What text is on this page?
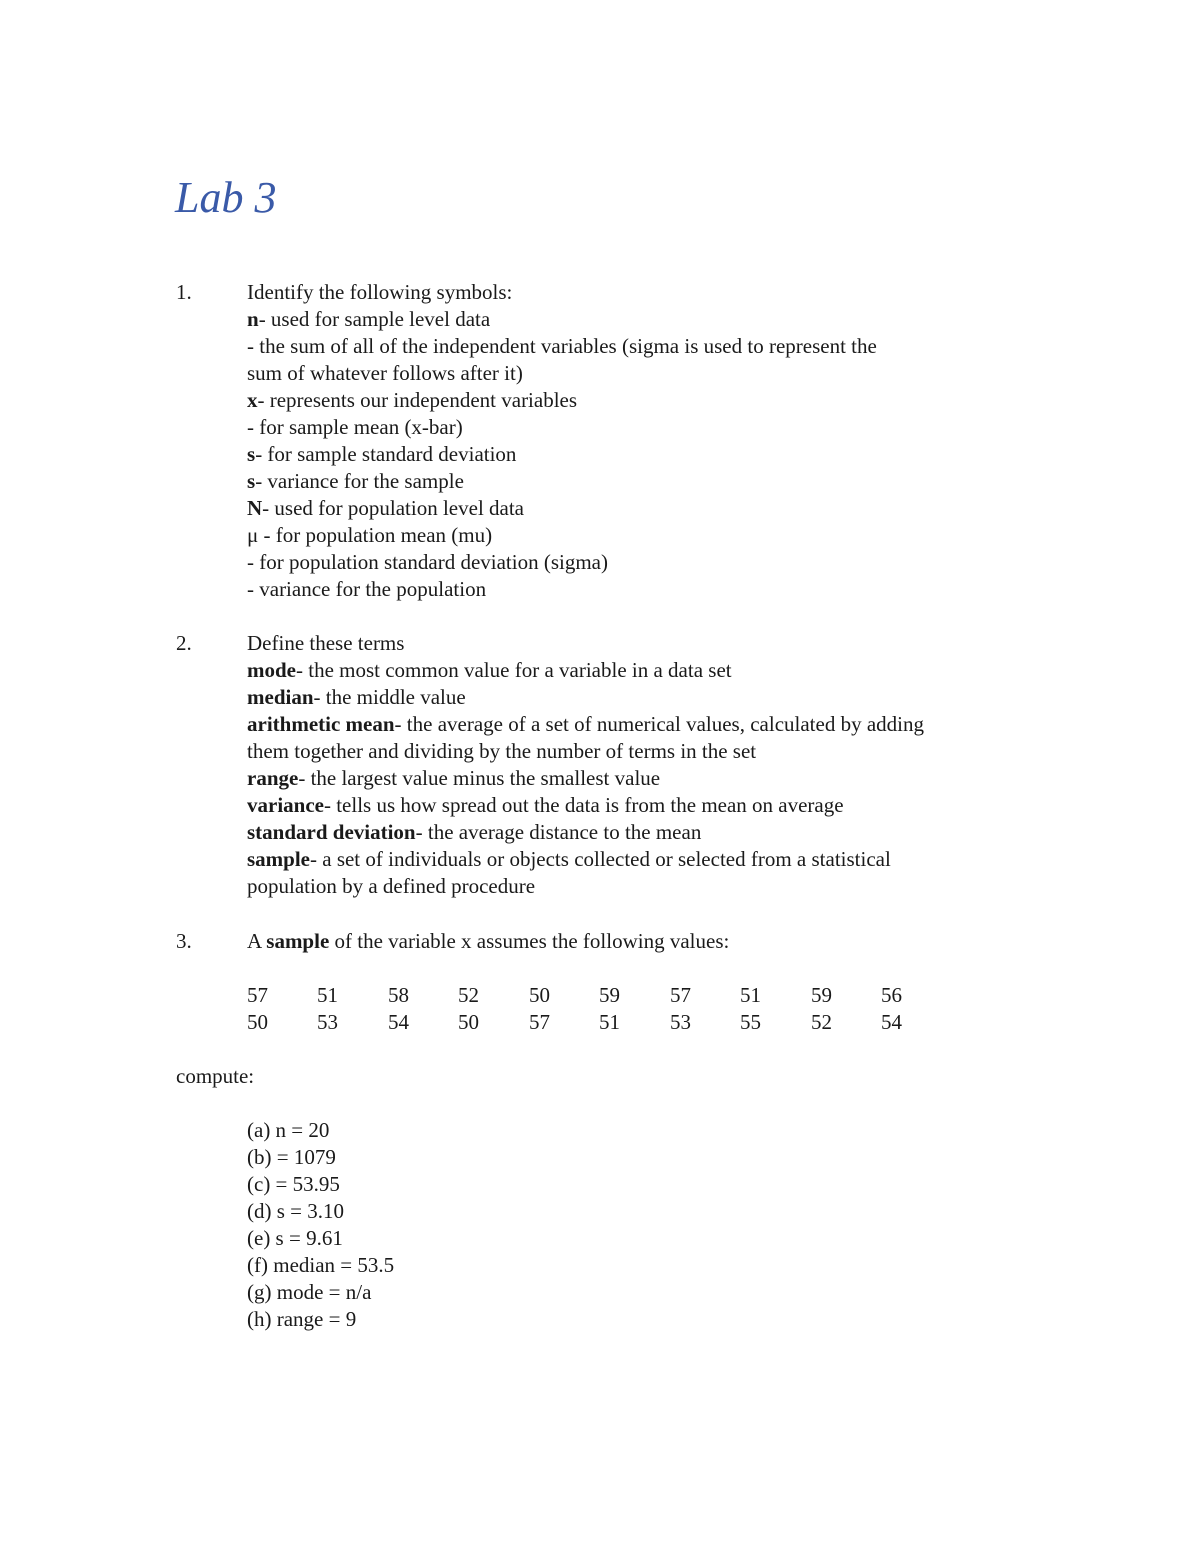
Lab 3
1.	Identify the following symbols:
n- used for sample level data
- the sum of all of the independent variables (sigma is used to represent the
sum of whatever follows after it)
x- represents our independent variables
- for sample mean (x-bar)
s- for sample standard deviation
s- variance for the sample
N- used for population level data
μ - for population mean (mu)
- for population standard deviation (sigma)
- variance for the population
2.	Define these terms
mode- the most common value for a variable in a data set
median- the middle value
arithmetic mean- the average of a set of numerical values, calculated by adding
them together and dividing by the number of terms in the set
range- the largest value minus the smallest value
variance- tells us how spread out the data is from the mean on average
standard deviation- the average distance to the mean
sample- a set of individuals or objects collected or selected from a statistical
population by a defined procedure
3.	A sample of the variable x assumes the following values:
57 51 58 52 50 59 57 51 59 56
50 53 54 50 57 51 53 55 52 54
compute:
(a) n = 20
(b) = 1079
(c) = 53.95
(d) s = 3.10
(e) s = 9.61
(f) median = 53.5
(g) mode = n/a
(h) range = 9
